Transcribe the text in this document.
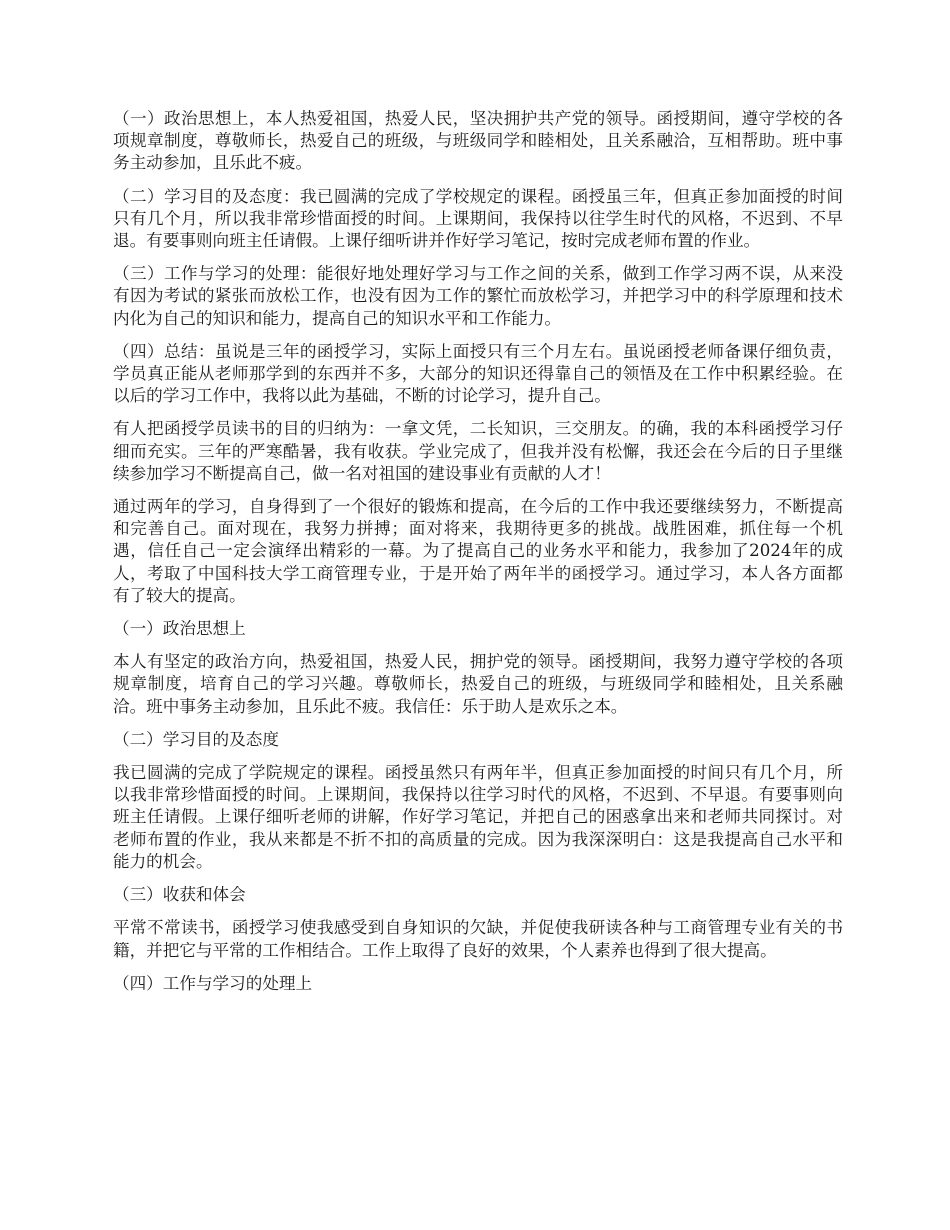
（一）政治思想上，本人热爱祖国，热爱人民，坚决拥护共产党的领导。函授期间，遵守学校的各项规章制度，尊敬师长，热爱自己的班级，与班级同学和睦相处，且关系融洽，互相帮助。班中事务主动参加，且乐此不疲。

（二）学习目的及态度：我已圆满的完成了学校规定的课程。函授虽三年，但真正参加面授的时间只有几个月，所以我非常珍惜面授的时间。上课期间，我保持以往学生时代的风格，不迟到、不早退。有要事则向班主任请假。上课仔细听讲并作好学习笔记，按时完成老师布置的作业。

（三）工作与学习的处理：能很好地处理好学习与工作之间的关系，做到工作学习两不误，从来没有因为考试的紧张而放松工作，也没有因为工作的繁忙而放松学习，并把学习中的科学原理和技术内化为自己的知识和能力，提高自己的知识水平和工作能力。

（四）总结：虽说是三年的函授学习，实际上面授只有三个月左右。虽说函授老师备课仔细负责，学员真正能从老师那学到的东西并不多，大部分的知识还得靠自己的领悟及在工作中积累经验。在以后的学习工作中，我将以此为基础，不断的讨论学习，提升自己。

有人把函授学员读书的目的归纳为：一拿文凭，二长知识，三交朋友。的确，我的本科函授学习仔细而充实。三年的严寒酷暑，我有收获。学业完成了，但我并没有松懈，我还会在今后的日子里继续参加学习不断提高自己，做一名对祖国的建设事业有贡献的人才！

通过两年的学习，自身得到了一个很好的锻炼和提高，在今后的工作中我还要继续努力，不断提高和完善自己。面对现在，我努力拼搏；面对将来，我期待更多的挑战。战胜困难，抓住每一个机遇，信任自己一定会演绎出精彩的一幕。为了提高自己的业务水平和能力，我参加了2024年的成人，考取了中国科技大学工商管理专业，于是开始了两年半的函授学习。通过学习，本人各方面都有了较大的提高。

（一）政治思想上

本人有坚定的政治方向，热爱祖国，热爱人民，拥护党的领导。函授期间，我努力遵守学校的各项规章制度，培育自己的学习兴趣。尊敬师长，热爱自己的班级，与班级同学和睦相处，且关系融洽。班中事务主动参加，且乐此不疲。我信任：乐于助人是欢乐之本。

（二）学习目的及态度

我已圆满的完成了学院规定的课程。函授虽然只有两年半，但真正参加面授的时间只有几个月，所以我非常珍惜面授的时间。上课期间，我保持以往学习时代的风格，不迟到、不早退。有要事则向班主任请假。上课仔细听老师的讲解，作好学习笔记，并把自己的困惑拿出来和老师共同探讨。对老师布置的作业，我从来都是不折不扣的高质量的完成。因为我深深明白：这是我提高自己水平和能力的机会。

（三）收获和体会

平常不常读书，函授学习使我感受到自身知识的欠缺，并促使我研读各种与工商管理专业有关的书籍，并把它与平常的工作相结合。工作上取得了良好的效果，个人素养也得到了很大提高。

（四）工作与学习的处理上
